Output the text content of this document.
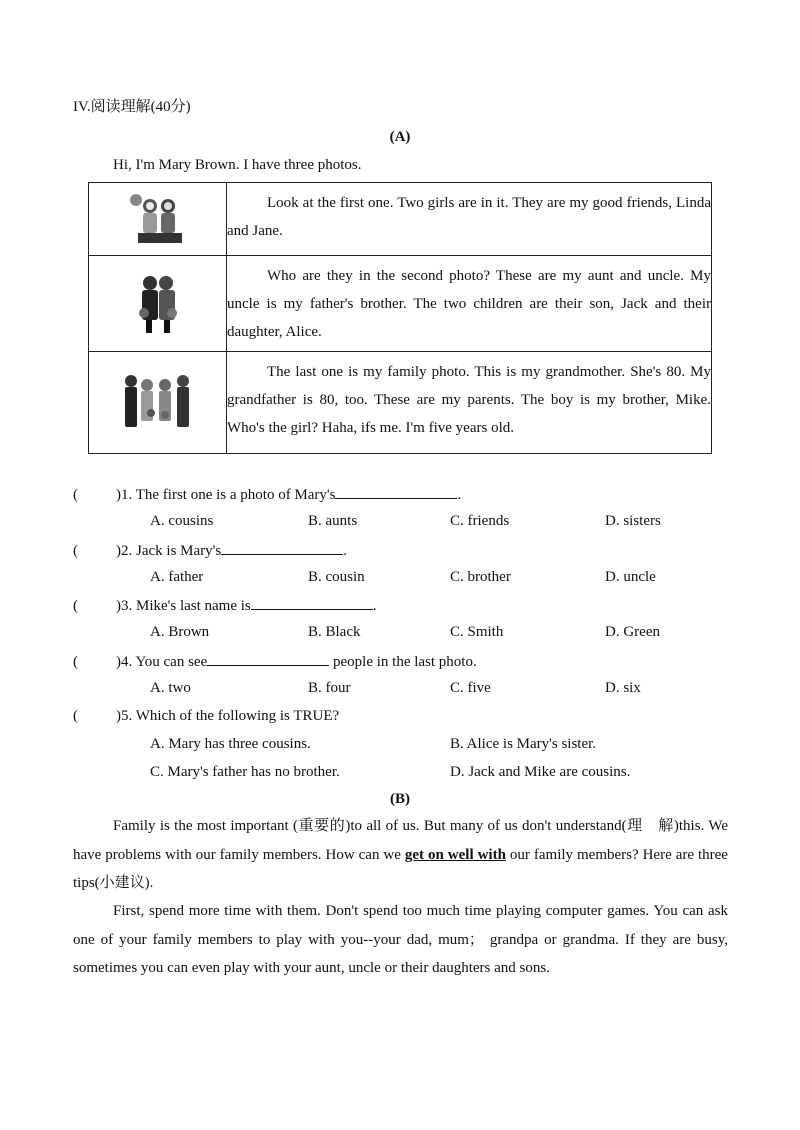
IV.阅读理解(40分)
(A)
Hi, I'm Mary Brown. I have three photos.

Look at the first one. Two girls are in it. They are my good friends, Linda and Jane.

Who are they in the second photo? These are my aunt and uncle. My uncle is my father's brother. The two children are their son, Jack and their daughter, Alice.

The last one is my family photo. This is my grandmother. She's 80. My grandfather is 80, too. These are my parents. The boy is my brother, Mike. Who's the girl? Haha, ifs me. I'm five years old.

(	)1. The first one is a photo of Mary's	.
A. cousins	B. aunts	C. friends	D. sisters
(	)2. Jack is Mary's	.
A. father	B. cousin	C. brother	D. uncle
(	)3. Mike's last name is	.
A. Brown	B. Black	C. Smith	D. Green
(	)4. You can see	people in the last photo.
A. two	B. four	C. five	D. six
(	)5. Which of the following is TRUE?
A. Mary has three cousins.	B. Alice is Mary's sister.
C. Mary's father has no brother.	D. Jack and Mike are cousins.
(B)
Family is the most important (重要的)to all of us. But many of us don't understand(理　解)this. We have problems with our family members. How can we get on well with our family members? Here are three tips(小建议).
First, spend more time with them. Don't spend too much time playing computer games. You can ask one of your family members to play with you--your dad, mum； grandpa or grandma. If they are busy, sometimes you can even play with your aunt, uncle or their daughters and sons.
